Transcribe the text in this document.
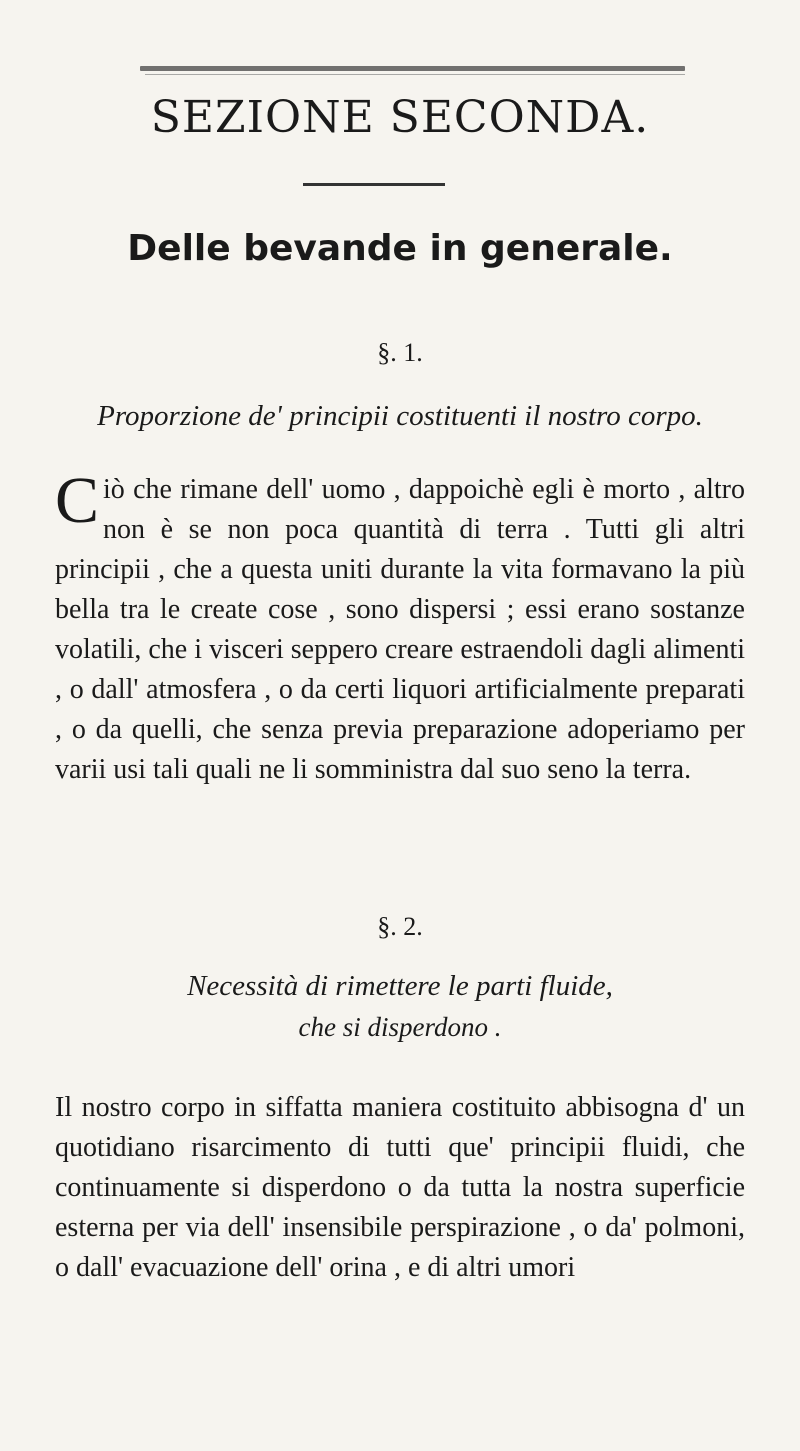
SEZIONE SECONDA.
Delle bevande in generale.
§. 1.
Proporzione de' principii costituenti il nostro corpo.

Ciò che rimane dell' uomo , dappoichè egli è morto , altro non è se non poca quantità di terra . Tutti gli altri principii , che a questa uniti durante la vita formavano la più bella tra le create cose , sono dispersi ; essi erano sostanze volatili, che i visceri seppero creare estraendoli dagli alimenti , o dall' atmosfera , o da certi liquori artificialmente preparati , o da quelli, che senza previa preparazione adoperiamo per varii usi tali quali ne li somministra dal suo seno la terra.

§. 2.
Necessità di rimettere le parti fluide,
che si disperdono .

Il nostro corpo in siffatta maniera costituito abbisogna d' un quotidiano risarcimento di tutti que' principii fluidi, che continuamente si disperdono o da tutta la nostra superficie esterna per via dell' insensibile perspirazione , o da' polmoni, o dall' evacuazione dell' orina , e di altri umori
